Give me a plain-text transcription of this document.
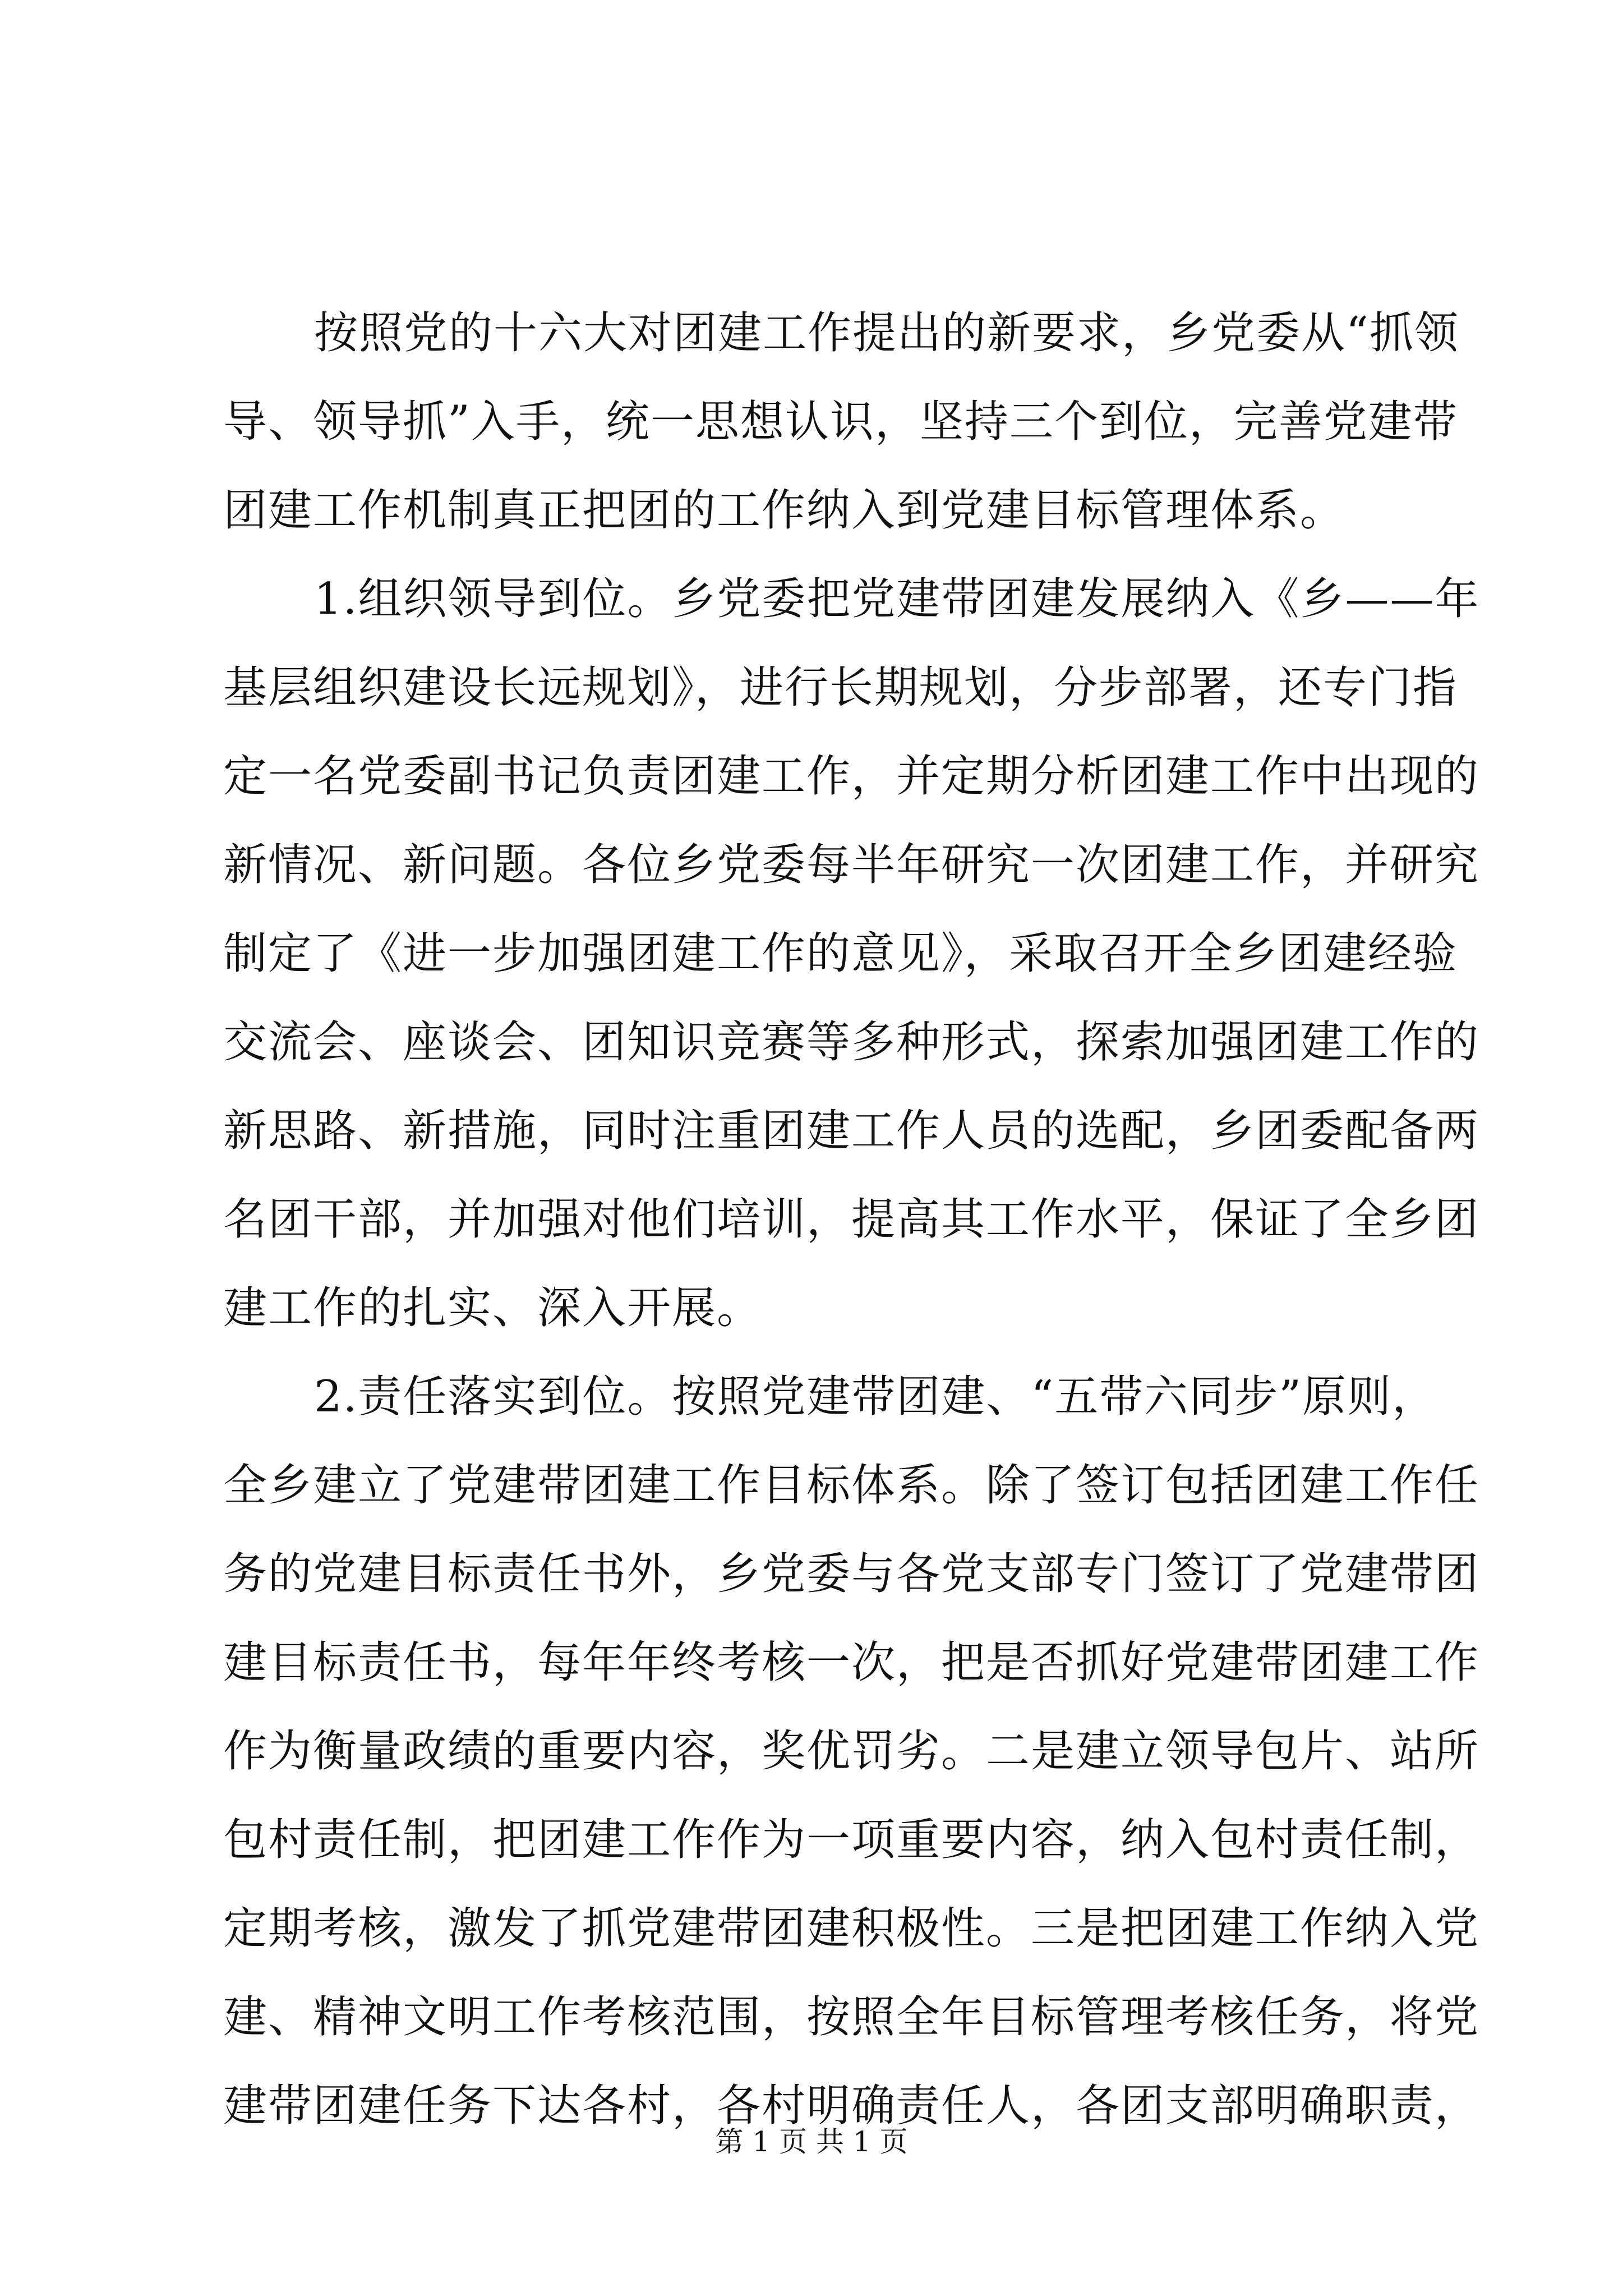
按照党的十六大对团建工作提出的新要求，乡党委从“抓领
导、领导抓”入手，统一思想认识，坚持三个到位，完善党建带
团建工作机制真正把团的工作纳入到党建目标管理体系。
1.组织领导到位。乡党委把党建带团建发展纳入《乡——年
基层组织建设长远规划》，进行长期规划，分步部署，还专门指
定一名党委副书记负责团建工作，并定期分析团建工作中出现的
新情况、新问题。各位乡党委每半年研究一次团建工作，并研究
制定了《进一步加强团建工作的意见》，采取召开全乡团建经验
交流会、座谈会、团知识竞赛等多种形式，探索加强团建工作的
新思路、新措施，同时注重团建工作人员的选配，乡团委配备两
名团干部，并加强对他们培训，提高其工作水平，保证了全乡团
建工作的扎实、深入开展。
2.责任落实到位。按照党建带团建、“五带六同步”原则，
全乡建立了党建带团建工作目标体系。除了签订包括团建工作任
务的党建目标责任书外，乡党委与各党支部专门签订了党建带团
建目标责任书，每年年终考核一次，把是否抓好党建带团建工作
作为衡量政绩的重要内容，奖优罚劣。二是建立领导包片、站所
包村责任制，把团建工作作为一项重要内容，纳入包村责任制，
定期考核，激发了抓党建带团建积极性。三是把团建工作纳入党
建、精神文明工作考核范围，按照全年目标管理考核任务，将党
建带团建任务下达各村，各村明确责任人，各团支部明确职责，
第 1 页 共 1 页
